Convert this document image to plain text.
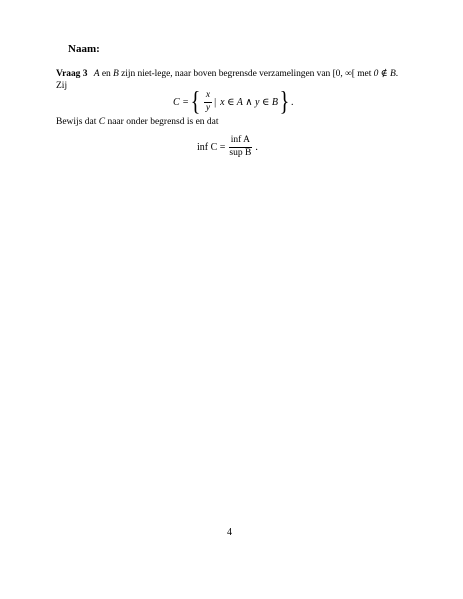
Naam:
Vraag 3 A en B zijn niet-lege, naar boven begrensde verzamelingen van [0, ∞[ met 0 ∉ B.
Zij
C = { $\frac{x}{y}$ | x ∈ A ∧ y ∈ B } .
Bewijs dat C naar onder begrensd is en dat
inf $C = \frac{\text{inf A}}{\text{sup B}}$ .
4
